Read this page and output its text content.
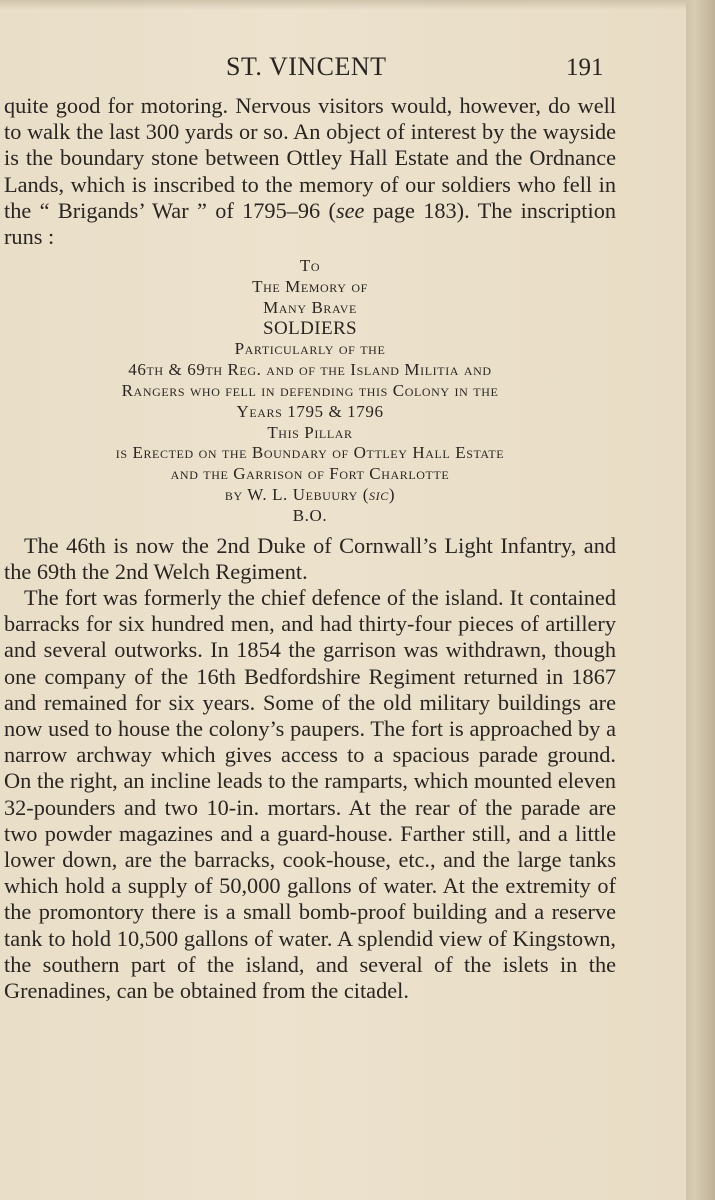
ST. VINCENT	191

quite good for motoring. Nervous visitors would, however, do well to walk the last 300 yards or so. An object of interest by the wayside is the boundary stone between Ottley Hall Estate and the Ordnance Lands, which is inscribed to the memory of our soldiers who fell in the “ Brigands’ War ” of 1795–96 (see page 183). The inscription runs :

To
The Memory of
Many Brave
SOLDIERS
Particularly of the
46th & 69th Reg. and of the Island Militia and
Rangers who fell in defending this Colony in the
Years 1795 & 1796
This Pillar
is Erected on the Boundary of Ottley Hall Estate
and the Garrison of Fort Charlotte
by W. L. Uebuury (sic)
B.O.

The 46th is now the 2nd Duke of Cornwall’s Light Infantry, and the 69th the 2nd Welch Regiment.

The fort was formerly the chief defence of the island. It contained barracks for six hundred men, and had thirty-four pieces of artillery and several outworks. In 1854 the garrison was withdrawn, though one company of the 16th Bedfordshire Regiment returned in 1867 and remained for six years. Some of the old military buildings are now used to house the colony’s paupers. The fort is approached by a narrow archway which gives access to a spacious parade ground. On the right, an incline leads to the ramparts, which mounted eleven 32-pounders and two 10-in. mortars. At the rear of the parade are two powder magazines and a guard-house. Farther still, and a little lower down, are the barracks, cook-house, etc., and the large tanks which hold a supply of 50,000 gallons of water. At the extremity of the promontory there is a small bomb-proof building and a reserve tank to hold 10,500 gallons of water. A splendid view of Kingstown, the southern part of the island, and several of the islets in the Grenadines, can be obtained from the citadel.
